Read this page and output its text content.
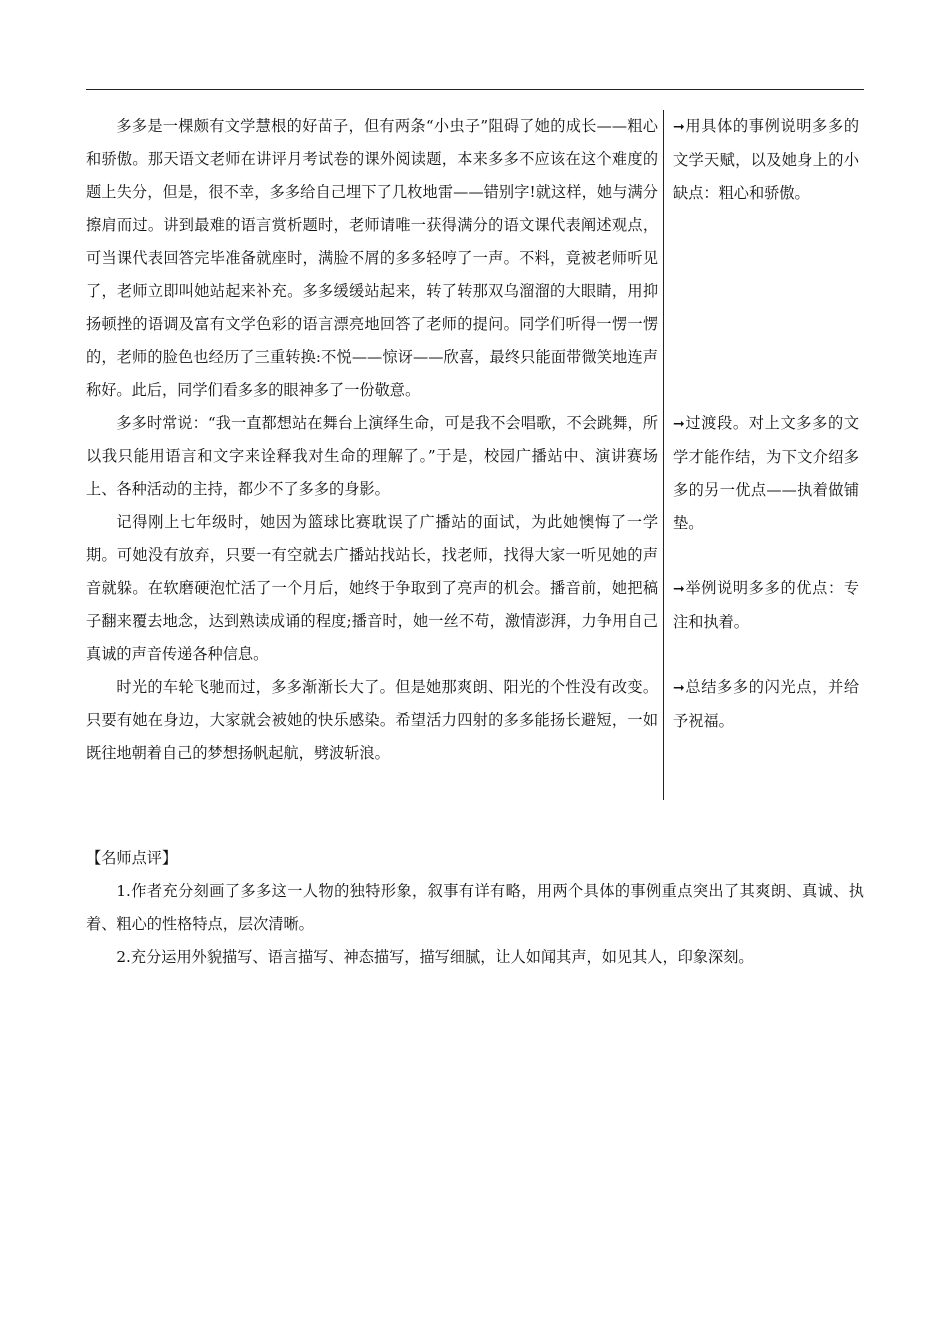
多多是一棵颇有文学慧根的好苗子，但有两条“小虫子”阻碍了她的成长——粗心和骄傲。那天语文老师在讲评月考试卷的课外阅读题，本来多多不应该在这个难度的题上失分，但是，很不幸，多多给自己埋下了几枚地雷——错别字!就这样，她与满分擦肩而过。讲到最难的语言赏析题时，老师请唯一获得满分的语文课代表阐述观点，可当课代表回答完毕准备就座时，满脸不屑的多多轻哼了一声。不料，竟被老师听见了，老师立即叫她站起来补充。多多缓缓站起来，转了转那双乌溜溜的大眼睛，用抑扬顿挫的语调及富有文学色彩的语言漂亮地回答了老师的提问。同学们听得一愣一愣的，老师的脸色也经历了三重转换:不悦——惊讶——欣喜，最终只能面带微笑地连声称好。此后，同学们看多多的眼神多了一份敬意。

多多时常说：“我一直都想站在舞台上演绎生命，可是我不会唱歌，不会跳舞，所以我只能用语言和文字来诠释我对生命的理解了。”于是，校园广播站中、演讲赛场上、各种活动的主持，都少不了多多的身影。

记得刚上七年级时，她因为篮球比赛耽误了广播站的面试，为此她懊悔了一学期。可她没有放弃，只要一有空就去广播站找站长，找老师，找得大家一听见她的声音就躲。在软磨硬泡忙活了一个月后，她终于争取到了亮声的机会。播音前，她把稿子翻来覆去地念，达到熟读成诵的程度;播音时，她一丝不苟，激情澎湃，力争用自己真诚的声音传递各种信息。

时光的车轮飞驰而过，多多渐渐长大了。但是她那爽朗、阳光的个性没有改变。只要有她在身边，大家就会被她的快乐感染。希望活力四射的多多能扬长避短，一如既往地朝着自己的梦想扬帆起航，劈波斩浪。

➞用具体的事例说明多多的文学天赋，以及她身上的小缺点：粗心和骄傲。
➞过渡段。对上文多多的文学才能作结，为下文介绍多多的另一优点——执着做铺垫。
➞举例说明多多的优点：专注和执着。
➞总结多多的闪光点，并给予祝福。
【名师点评】

1.作者充分刻画了多多这一人物的独特形象，叙事有详有略，用两个具体的事例重点突出了其爽朗、真诚、执着、粗心的性格特点，层次清晰。

2.充分运用外貌描写、语言描写、神态描写，描写细腻，让人如闻其声，如见其人，印象深刻。
